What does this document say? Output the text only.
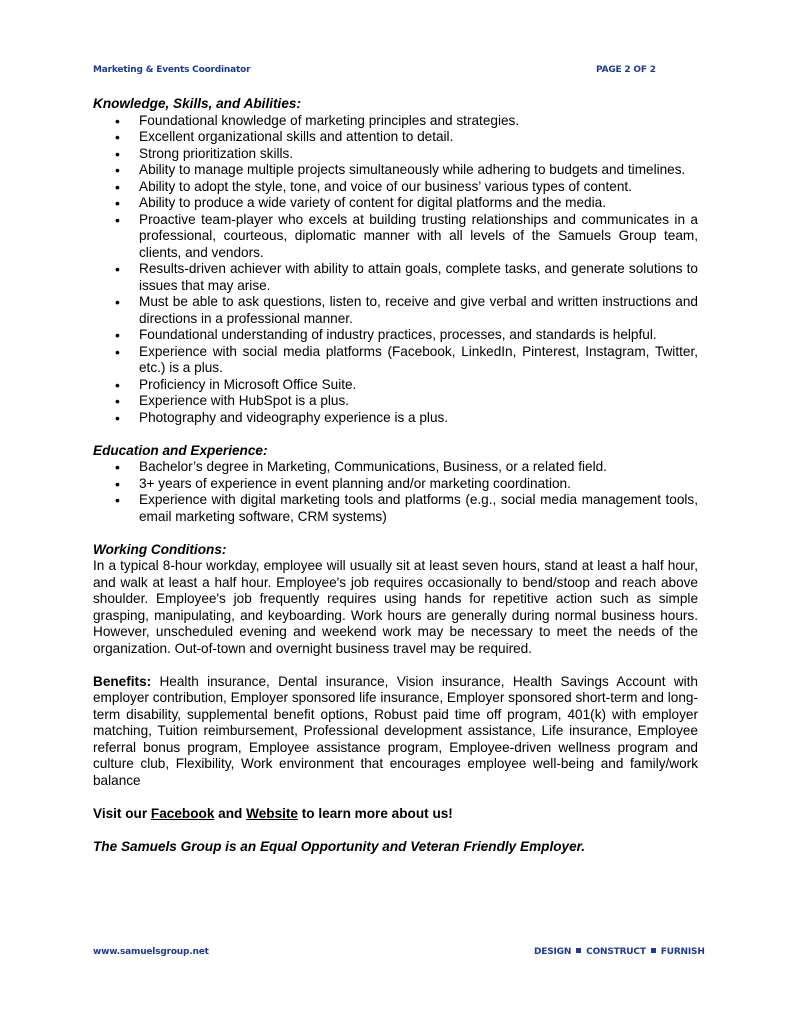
Marketing & Events Coordinator	PAGE 2 OF 2

Knowledge, Skills, and Abilities:

• Foundational knowledge of marketing principles and strategies.
• Excellent organizational skills and attention to detail.
• Strong prioritization skills.
• Ability to manage multiple projects simultaneously while adhering to budgets and timelines.
• Ability to adopt the style, tone, and voice of our business’ various types of content.
• Ability to produce a wide variety of content for digital platforms and the media.
• Proactive team-player who excels at building trusting relationships and communicates in a professional, courteous, diplomatic manner with all levels of the Samuels Group team, clients, and vendors.
• Results-driven achiever with ability to attain goals, complete tasks, and generate solutions to issues that may arise.
• Must be able to ask questions, listen to, receive and give verbal and written instructions and directions in a professional manner.
• Foundational understanding of industry practices, processes, and standards is helpful.
• Experience with social media platforms (Facebook, LinkedIn, Pinterest, Instagram, Twitter, etc.) is a plus.
• Proficiency in Microsoft Office Suite.
• Experience with HubSpot is a plus.
• Photography and videography experience is a plus.

Education and Experience:

• Bachelor’s degree in Marketing, Communications, Business, or a related field.
• 3+ years of experience in event planning and/or marketing coordination.
• Experience with digital marketing tools and platforms (e.g., social media management tools, email marketing software, CRM systems)

Working Conditions:

In a typical 8-hour workday, employee will usually sit at least seven hours, stand at least a half hour, and walk at least a half hour. Employee's job requires occasionally to bend/stoop and reach above shoulder. Employee's job frequently requires using hands for repetitive action such as simple grasping, manipulating, and keyboarding. Work hours are generally during normal business hours. However, unscheduled evening and weekend work may be necessary to meet the needs of the organization. Out-of-town and overnight business travel may be required.

Benefits: Health insurance, Dental insurance, Vision insurance, Health Savings Account with employer contribution, Employer sponsored life insurance, Employer sponsored short-term and long-term disability, supplemental benefit options, Robust paid time off program, 401(k) with employer matching, Tuition reimbursement, Professional development assistance, Life insurance, Employee referral bonus program, Employee assistance program, Employee-driven wellness program and culture club, Flexibility, Work environment that encourages employee well-being and family/work balance

Visit our Facebook and Website to learn more about us!

The Samuels Group is an Equal Opportunity and Veteran Friendly Employer.

www.samuelsgroup.net	DESIGN CONSTRUCT FURNISH
